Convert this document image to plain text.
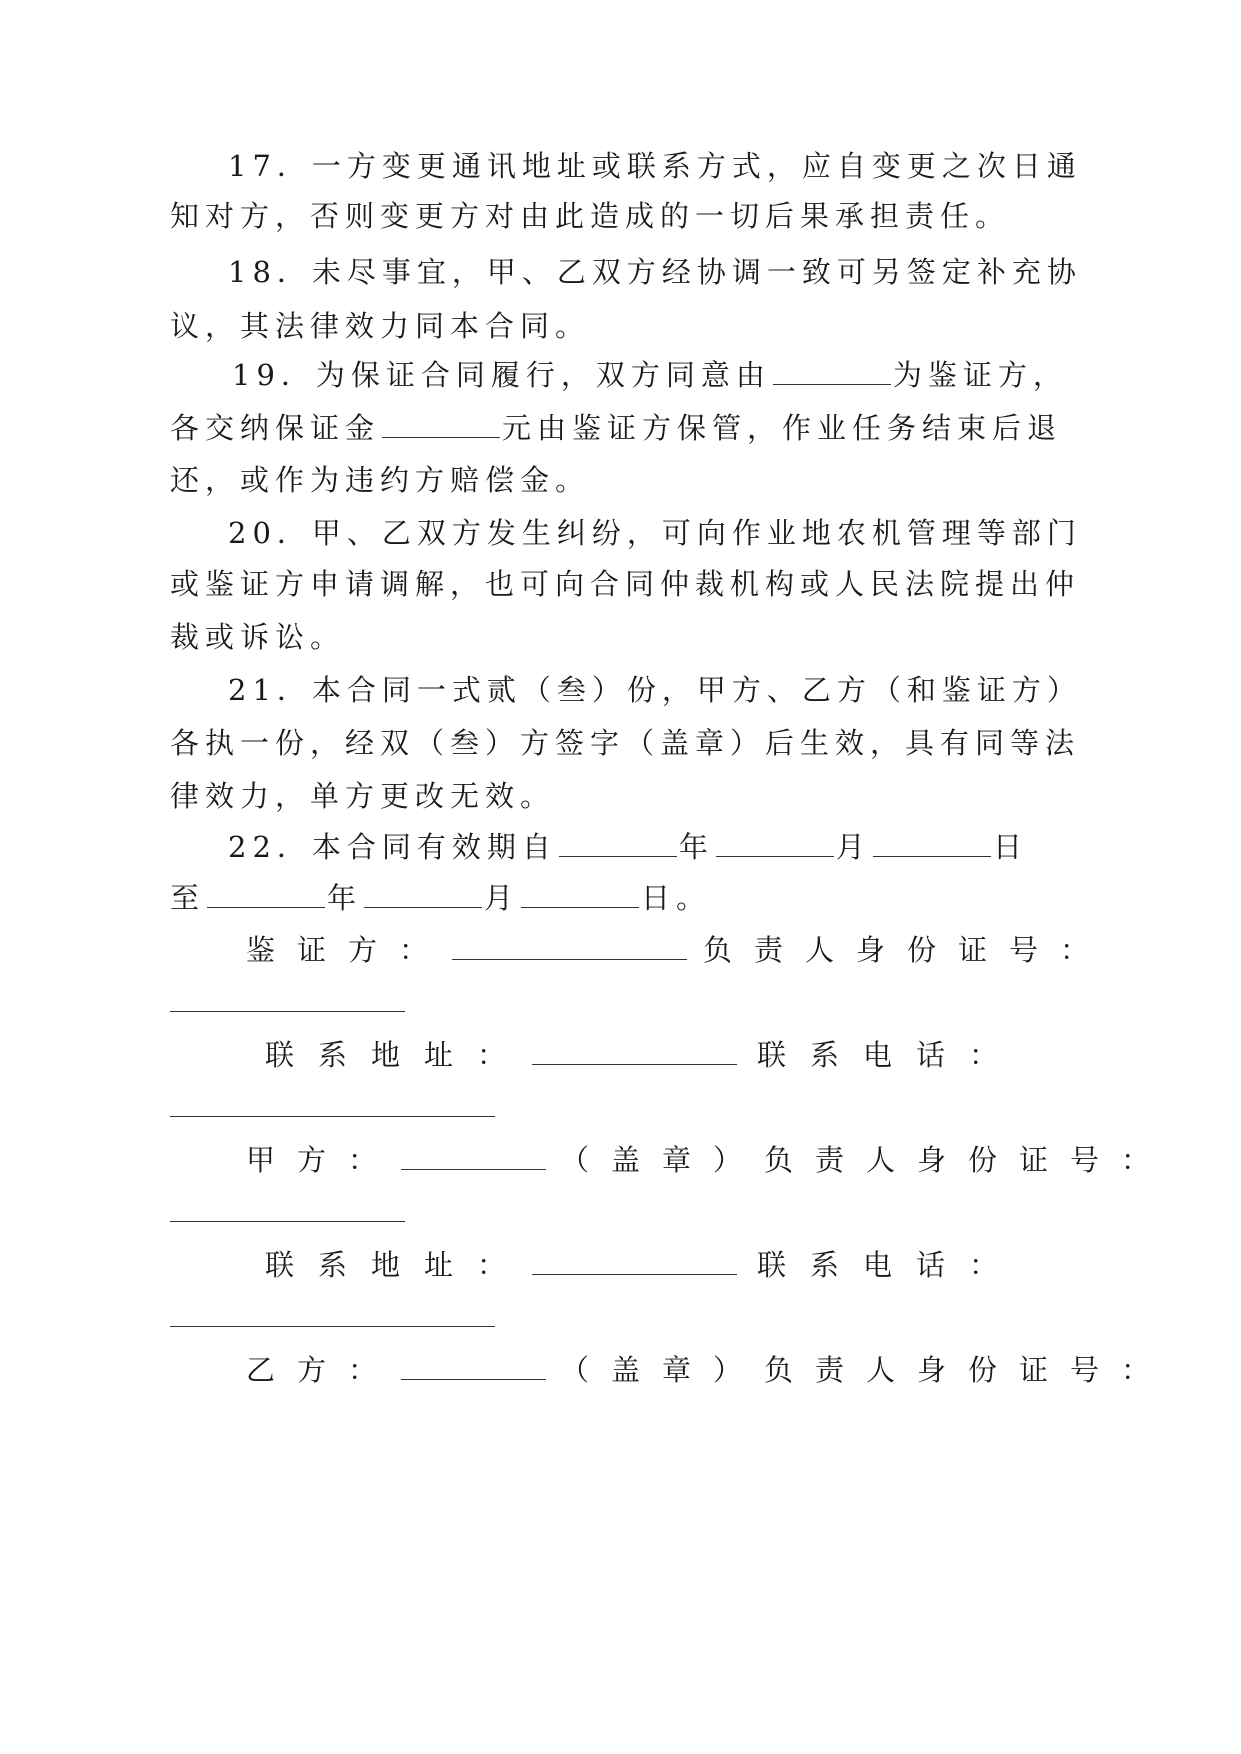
17．一方变更通讯地址或联系方式，应自变更之次日通
知对方，否则变更方对由此造成的一切后果承担责任。
18．未尽事宜，甲、乙双方经协调一致可另签定补充协
议，其法律效力同本合同。
19．为保证合同履行，双方同意由	为鉴证方，
各交纳保证金	元由鉴证方保管，作业任务结束后退
还，或作为违约方赔偿金。
20．甲、乙双方发生纠纷，可向作业地农机管理等部门
或鉴证方申请调解，也可向合同仲裁机构或人民法院提出仲
裁或诉讼。
21．本合同一式贰（叁）份，甲方、乙方（和鉴证方）
各执一份，经双（叁）方签字（盖章）后生效，具有同等法
律效力，单方更改无效。
22．本合同有效期自	年	月	日
至	年	月	日。
鉴证方：	负责人身份证号：
联系地址：	联系电话：
甲方：	（盖章）负责人身份证号：
联系地址：	联系电话：
乙方：	（盖章）负责人身份证号：
